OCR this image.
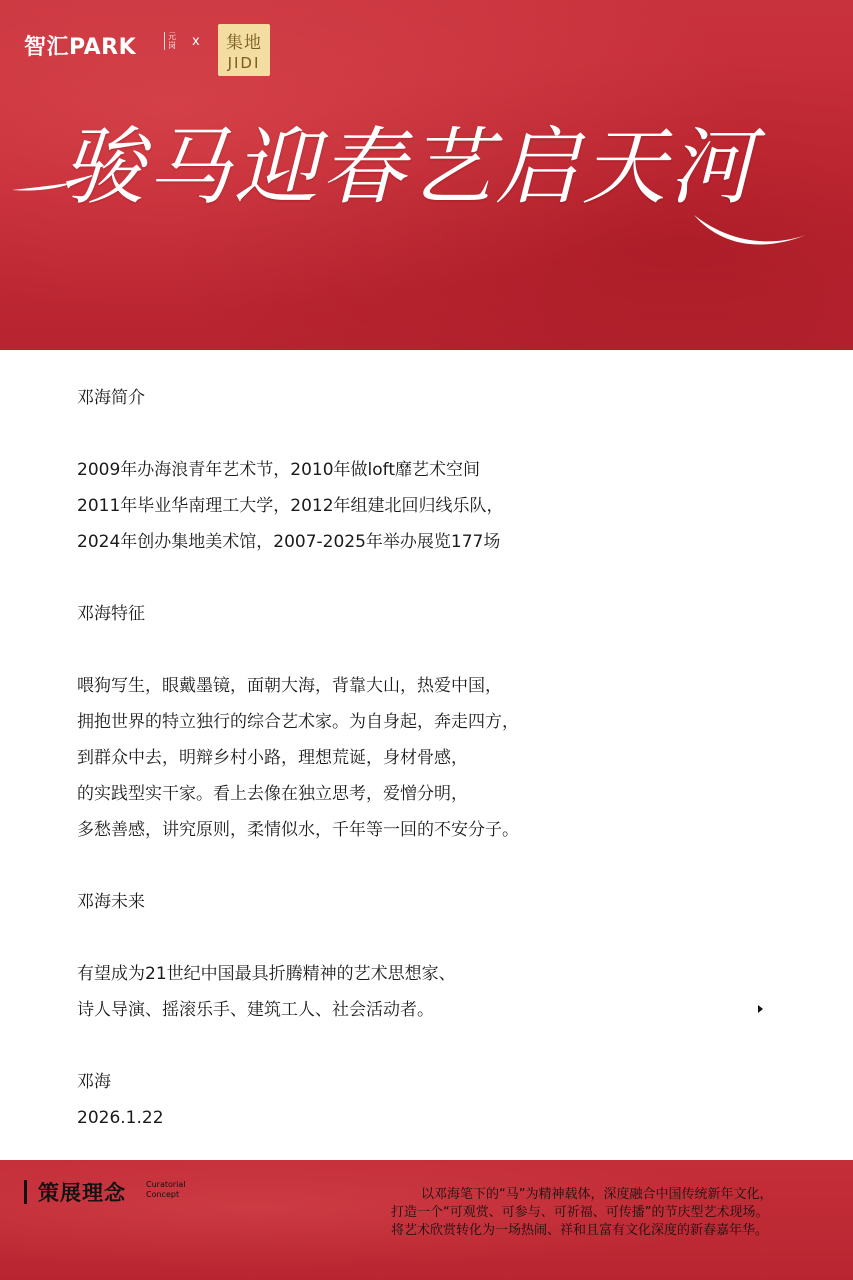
智汇PARK	元岗 x	集地
JIDI
骏马迎春艺启天河

邓海简介

2009年办海浪青年艺术节，2010年做loft靡艺术空间

2011年毕业华南理工大学，2012年组建北回归线乐队，

2024年创办集地美术馆，2007-2025年举办展览177场

邓海特征

喂狗写生，眼戴墨镜，面朝大海，背靠大山，热爱中国，

拥抱世界的特立独行的综合艺术家。为自身起，奔走四方，

到群众中去，明辩乡村小路，理想荒诞，身材骨感，

的实践型实干家。看上去像在独立思考，爱憎分明，

多愁善感，讲究原则，柔情似水，千年等一回的不安分子。

邓海未来

有望成为21世纪中国最具折腾精神的艺术思想家、

诗人导演、摇滚乐手、建筑工人、社会活动者。

邓海

2026.1.22

策展理念	Curatorial Concept	以邓海笔下的“马”为精神载体，深度融合中国传统新年文化，

打造一个“可观赏、可参与、可祈福、可传播”的节庆型艺术现场。

将艺术欣赏转化为一场热闹、祥和且富有文化深度的新春嘉年华。
